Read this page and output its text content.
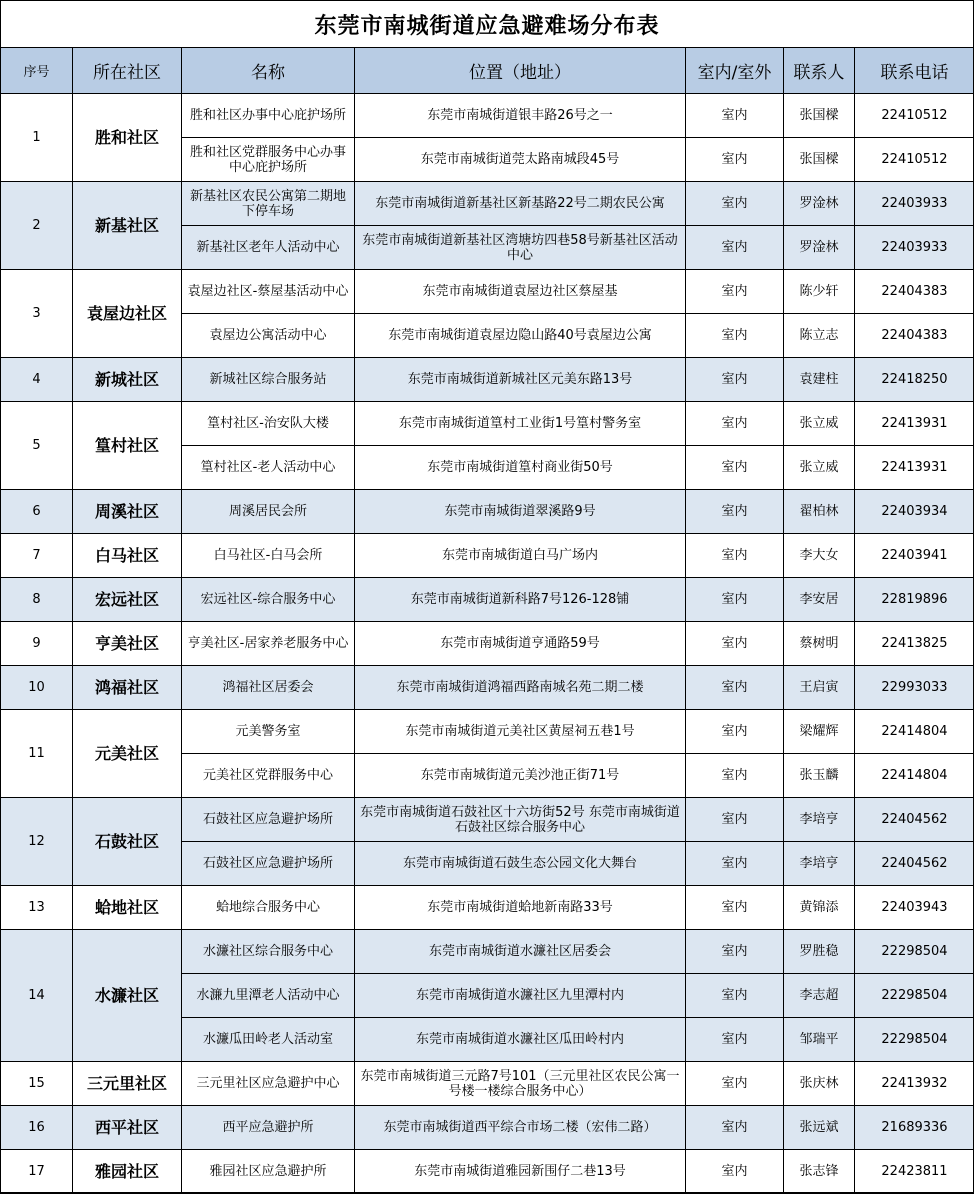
东莞市南城街道应急避难场分布表
序号	所在社区	名称	位置（地址）	室内/室外	联系人	联系电话
1	胜和社区	胜和社区办事中心庇护场所	东莞市南城街道银丰路26号之一	室内	张国樑	22410512
		胜和社区党群服务中心办事中心庇护场所	东莞市南城街道莞太路南城段45号	室内	张国樑	22410512
2	新基社区	新基社区农民公寓第二期地下停车场	东莞市南城街道新基社区新基路22号二期农民公寓	室内	罗淦林	22403933
		新基社区老年人活动中心	东莞市南城街道新基社区湾塘坊四巷58号新基社区活动中心	室内	罗淦林	22403933
3	袁屋边社区	袁屋边社区-蔡屋基活动中心	东莞市南城街道袁屋边社区蔡屋基	室内	陈少轩	22404383
		袁屋边公寓活动中心	东莞市南城街道袁屋边隐山路40号袁屋边公寓	室内	陈立志	22404383
4	新城社区	新城社区综合服务站	东莞市南城街道新城社区元美东路13号	室内	袁建柱	22418250
5	篁村社区	篁村社区-治安队大楼	东莞市南城街道篁村工业街1号篁村警务室	室内	张立威	22413931
		篁村社区-老人活动中心	东莞市南城街道篁村商业街50号	室内	张立威	22413931
6	周溪社区	周溪居民会所	东莞市南城街道翠溪路9号	室内	翟柏林	22403934
7	白马社区	白马社区-白马会所	东莞市南城街道白马广场内	室内	李大女	22403941
8	宏远社区	宏远社区-综合服务中心	东莞市南城街道新科路7号126-128铺	室内	李安居	22819896
9	亨美社区	亨美社区-居家养老服务中心	东莞市南城街道亨通路59号	室内	蔡树明	22413825
10	鸿福社区	鸿福社区居委会	东莞市南城街道鸿福西路南城名苑二期二楼	室内	王启寅	22993033
11	元美社区	元美警务室	东莞市南城街道元美社区黄屋祠五巷1号	室内	梁耀辉	22414804
		元美社区党群服务中心	东莞市南城街道元美沙池正街71号	室内	张玉麟	22414804
12	石鼓社区	石鼓社区应急避护场所	东莞市南城街道石鼓社区十六坊街52号 东莞市南城街道石鼓社区综合服务中心	室内	李培亨	22404562
		石鼓社区应急避护场所	东莞市南城街道石鼓生态公园文化大舞台	室内	李培亨	22404562
13	蛤地社区	蛤地综合服务中心	东莞市南城街道蛤地新南路33号	室内	黄锦添	22403943
14	水濂社区	水濂社区综合服务中心	东莞市南城街道水濂社区居委会	室内	罗胜稳	22298504
		水濂九里潭老人活动中心	东莞市南城街道水濂社区九里潭村内	室内	李志超	22298504
		水濂瓜田岭老人活动室	东莞市南城街道水濂社区瓜田岭村内	室内	邹瑞平	22298504
15	三元里社区	三元里社区应急避护中心	东莞市南城街道三元路7号101（三元里社区农民公寓一号楼一楼综合服务中心）	室内	张庆林	22413932
16	西平社区	西平应急避护所	东莞市南城街道西平综合市场二楼（宏伟二路）	室内	张远斌	21689336
17	雅园社区	雅园社区应急避护所	东莞市南城街道雅园新围仔二巷13号	室内	张志锋	22423811
